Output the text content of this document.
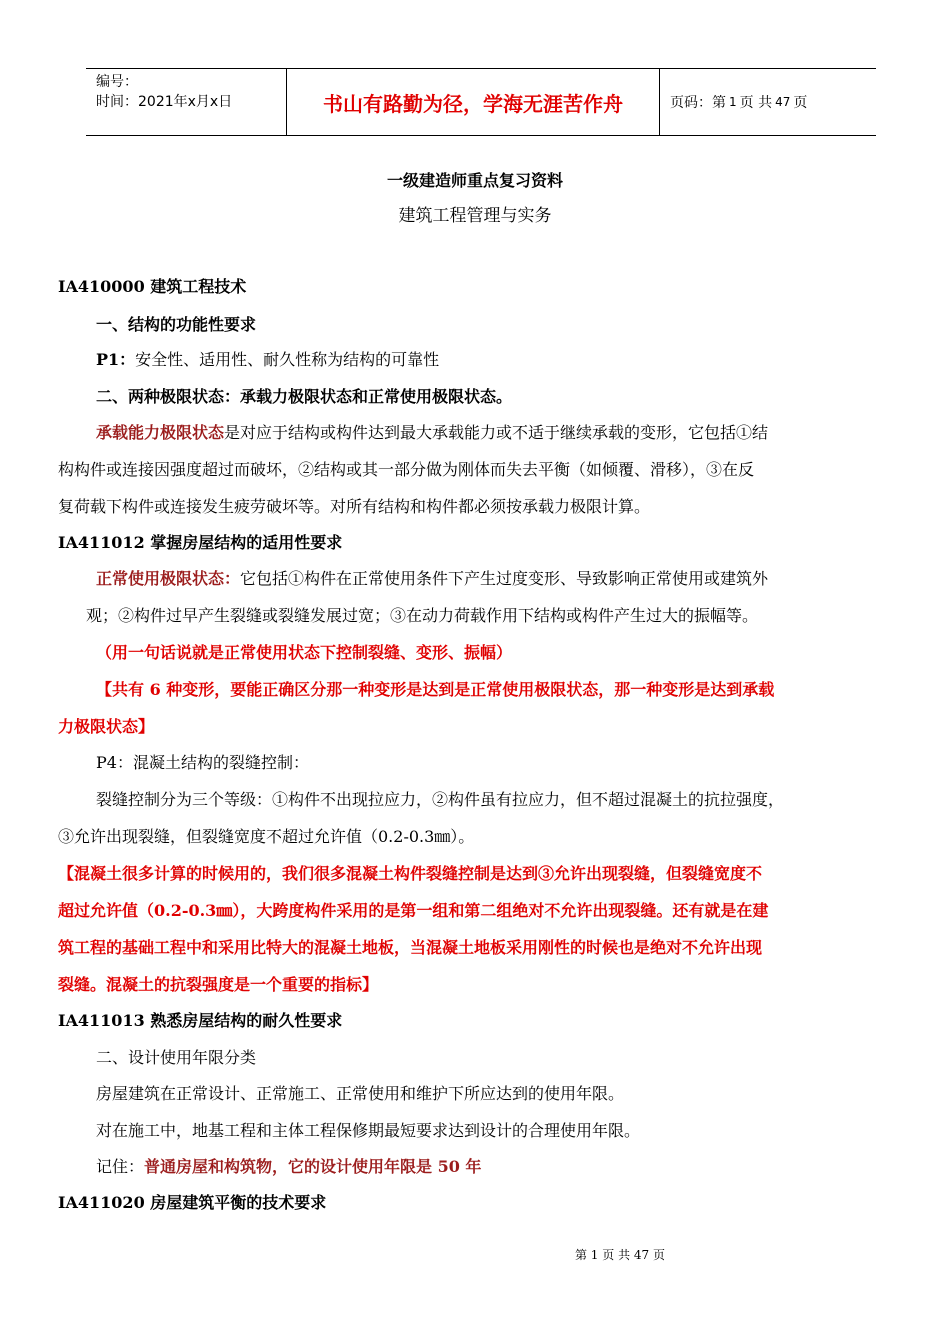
编号：
时间：2021年x月x日	书山有路勤为径，学海无涯苦作舟	页码：第 1 页 共 47 页
一级建造师重点复习资料
建筑工程管理与实务
IA410000 建筑工程技术
一、结构的功能性要求
P1：安全性、适用性、耐久性称为结构的可靠性
二、两种极限状态：承载力极限状态和正常使用极限状态。
承载能力极限状态是对应于结构或构件达到最大承载能力或不适于继续承载的变形，它包括①结
构构件或连接因强度超过而破坏，②结构或其一部分做为刚体而失去平衡（如倾覆、滑移），③在反
复荷载下构件或连接发生疲劳破坏等。对所有结构和构件都必须按承载力极限计算。
IA411012 掌握房屋结构的适用性要求
正常使用极限状态：它包括①构件在正常使用条件下产生过度变形、导致影响正常使用或建筑外
观；②构件过早产生裂缝或裂缝发展过宽；③在动力荷载作用下结构或构件产生过大的振幅等。
（用一句话说就是正常使用状态下控制裂缝、变形、振幅）
【共有 6 种变形，要能正确区分那一种变形是达到是正常使用极限状态，那一种变形是达到承载
力极限状态】
P4：混凝土结构的裂缝控制：
裂缝控制分为三个等级：①构件不出现拉应力，②构件虽有拉应力，但不超过混凝土的抗拉强度，
③允许出现裂缝，但裂缝宽度不超过允许值（0.2-0.3㎜）。
【混凝土很多计算的时候用的，我们很多混凝土构件裂缝控制是达到③允许出现裂缝，但裂缝宽度不
超过允许值（0.2-0.3㎜），大跨度构件采用的是第一组和第二组绝对不允许出现裂缝。还有就是在建
筑工程的基础工程中和采用比特大的混凝土地板，当混凝土地板采用刚性的时候也是绝对不允许出现
裂缝。混凝土的抗裂强度是一个重要的指标】
IA411013 熟悉房屋结构的耐久性要求
二、设计使用年限分类
房屋建筑在正常设计、正常施工、正常使用和维护下所应达到的使用年限。
对在施工中，地基工程和主体工程保修期最短要求达到设计的合理使用年限。
记住：普通房屋和构筑物，它的设计使用年限是 50 年
IA411020 房屋建筑平衡的技术要求
第 1 页 共 47 页
